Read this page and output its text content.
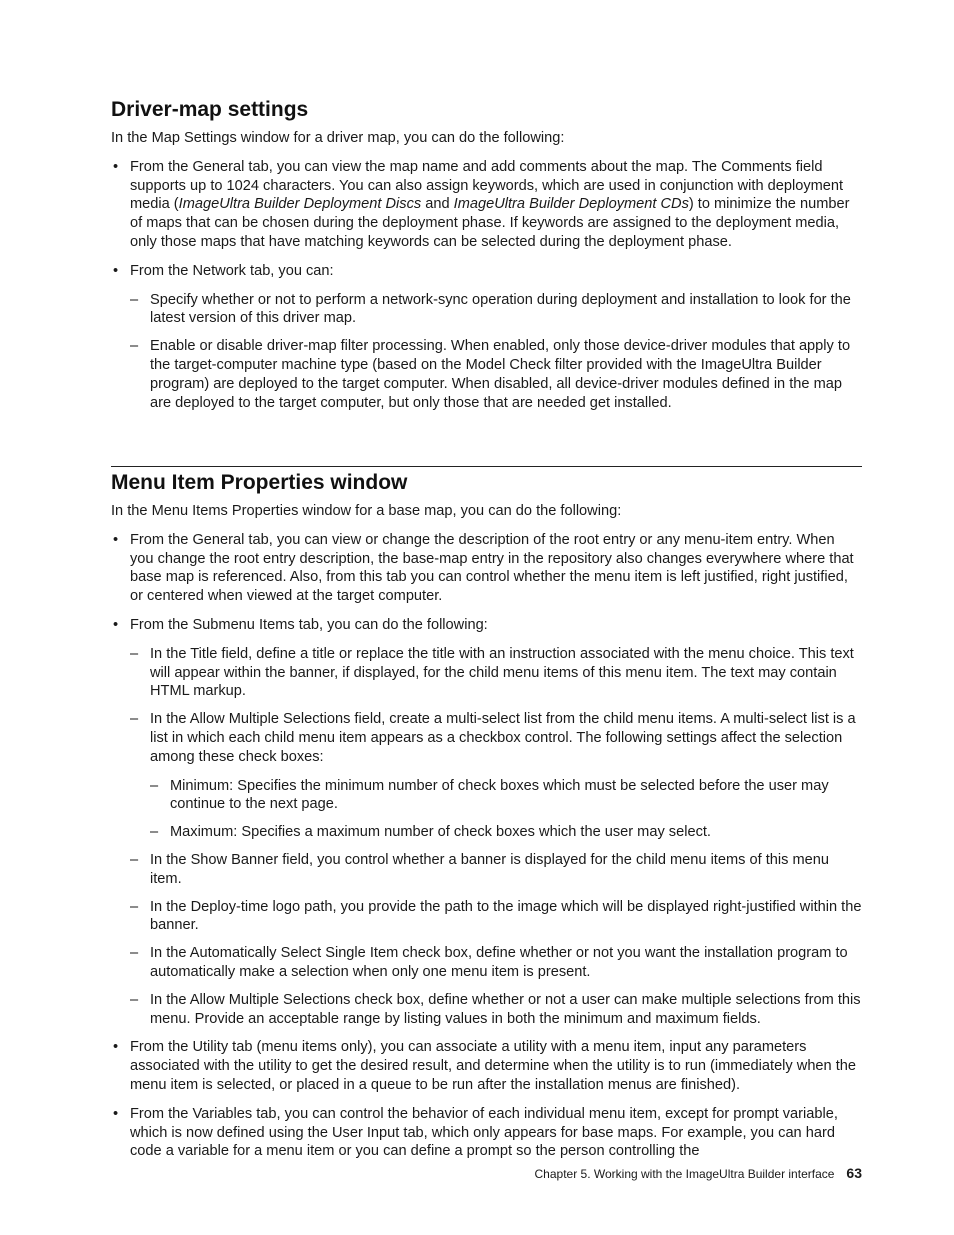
Driver-map settings

In the Map Settings window for a driver map, you can do the following:

• From the General tab, you can view the map name and add comments about the map. The Comments field supports up to 1024 characters. You can also assign keywords, which are used in conjunction with deployment media (ImageUltra Builder Deployment Discs and ImageUltra Builder Deployment CDs) to minimize the number of maps that can be chosen during the deployment phase. If keywords are assigned to the deployment media, only those maps that have matching keywords can be selected during the deployment phase.
• From the Network tab, you can:
– Specify whether or not to perform a network-sync operation during deployment and installation to look for the latest version of this driver map.
– Enable or disable driver-map filter processing. When enabled, only those device-driver modules that apply to the target-computer machine type (based on the Model Check filter provided with the ImageUltra Builder program) are deployed to the target computer. When disabled, all device-driver modules defined in the map are deployed to the target computer, but only those that are needed get installed.
Menu Item Properties window

In the Menu Items Properties window for a base map, you can do the following:

• From the General tab, you can view or change the description of the root entry or any menu-item entry. When you change the root entry description, the base-map entry in the repository also changes everywhere where that base map is referenced. Also, from this tab you can control whether the menu item is left justified, right justified, or centered when viewed at the target computer.
• From the Submenu Items tab, you can do the following:
– In the Title field, define a title or replace the title with an instruction associated with the menu choice. This text will appear within the banner, if displayed, for the child menu items of this menu item. The text may contain HTML markup.
– In the Allow Multiple Selections field, create a multi-select list from the child menu items. A multi-select list is a list in which each child menu item appears as a checkbox control. The following settings affect the selection among these check boxes:
– Minimum: Specifies the minimum number of check boxes which must be selected before the user may continue to the next page.
– Maximum: Specifies a maximum number of check boxes which the user may select.
– In the Show Banner field, you control whether a banner is displayed for the child menu items of this menu item.
– In the Deploy-time logo path, you provide the path to the image which will be displayed right-justified within the banner.
– In the Automatically Select Single Item check box, define whether or not you want the installation program to automatically make a selection when only one menu item is present.
– In the Allow Multiple Selections check box, define whether or not a user can make multiple selections from this menu. Provide an acceptable range by listing values in both the minimum and maximum fields.
• From the Utility tab (menu items only), you can associate a utility with a menu item, input any parameters associated with the utility to get the desired result, and determine when the utility is to run (immediately when the menu item is selected, or placed in a queue to be run after the installation menus are finished).
• From the Variables tab, you can control the behavior of each individual menu item, except for prompt variable, which is now defined using the User Input tab, which only appears for base maps. For example, you can hard code a variable for a menu item or you can define a prompt so the person controlling the
Chapter 5. Working with the ImageUltra Builder interface 63
